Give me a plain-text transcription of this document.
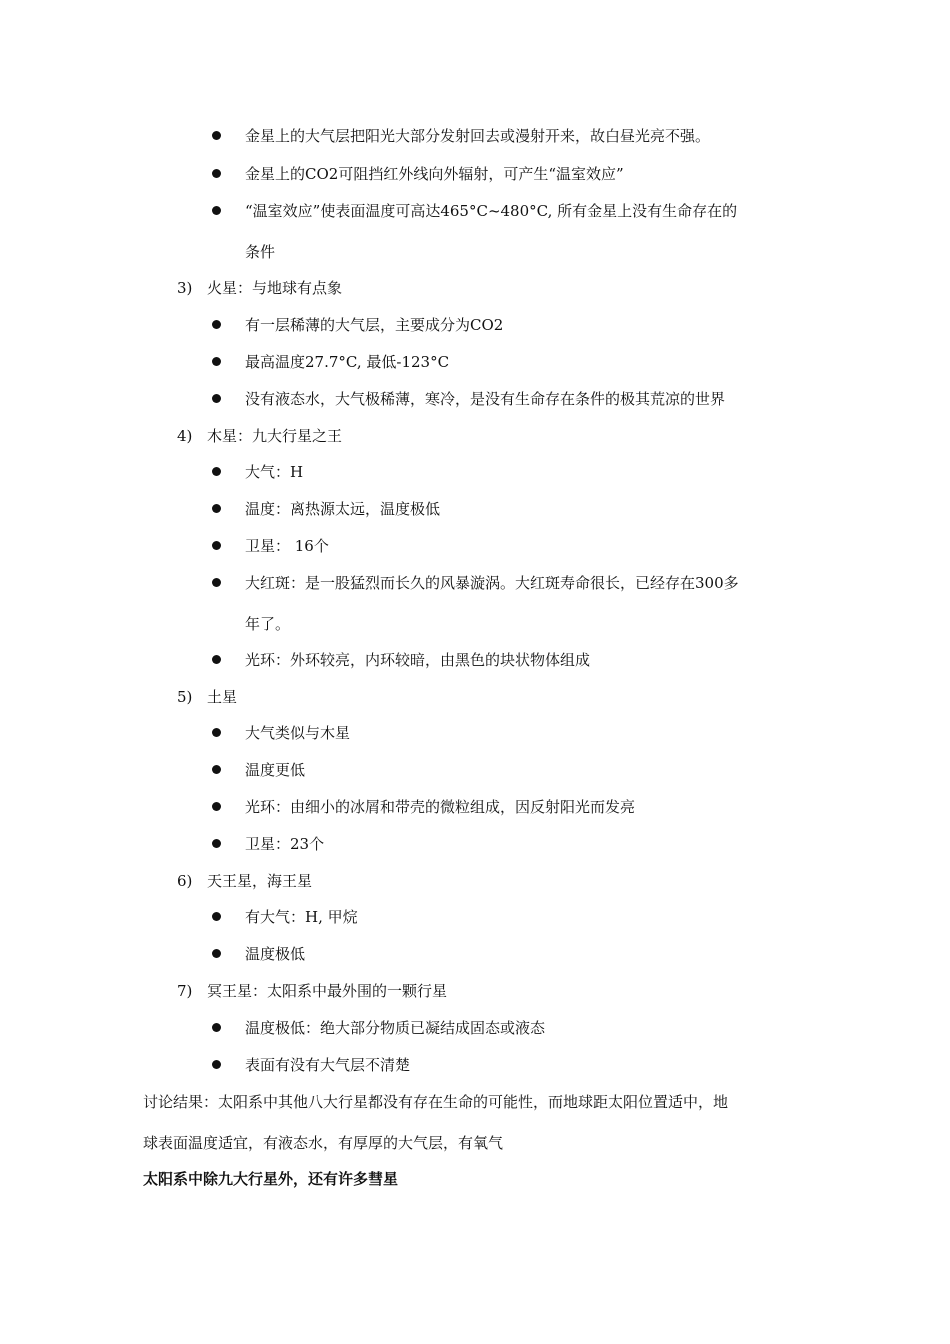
金星上的大气层把阳光大部分发射回去或漫射开来，故白昼光亮不强。
金星上的CO2可阻挡红外线向外辐射，可产生“温室效应”
“温室效应”使表面温度可高达465°C~480°C, 所有金星上没有生命存在的
条件
3) 火星：与地球有点象
有一层稀薄的大气层，主要成分为CO2
最高温度27.7°C, 最低-123°C
没有液态水，大气极稀薄，寒冷，是没有生命存在条件的极其荒凉的世界
4) 木星：九大行星之王
大气：H
温度：离热源太远，温度极低
卫星： 16个
大红斑：是一股猛烈而长久的风暴漩涡。大红斑寿命很长，已经存在300多
年了。
光环：外环较亮，内环较暗，由黑色的块状物体组成
5) 土星
大气类似与木星
温度更低
光环：由细小的冰屑和带壳的微粒组成，因反射阳光而发亮
卫星：23个
6) 天王星，海王星
有大气：H, 甲烷
温度极低
7) 冥王星：太阳系中最外围的一颗行星
温度极低：绝大部分物质已凝结成固态或液态
表面有没有大气层不清楚
讨论结果：太阳系中其他八大行星都没有存在生命的可能性，而地球距太阳位置适中，地
球表面温度适宜，有液态水，有厚厚的大气层，有氧气
太阳系中除九大行星外，还有许多彗星
